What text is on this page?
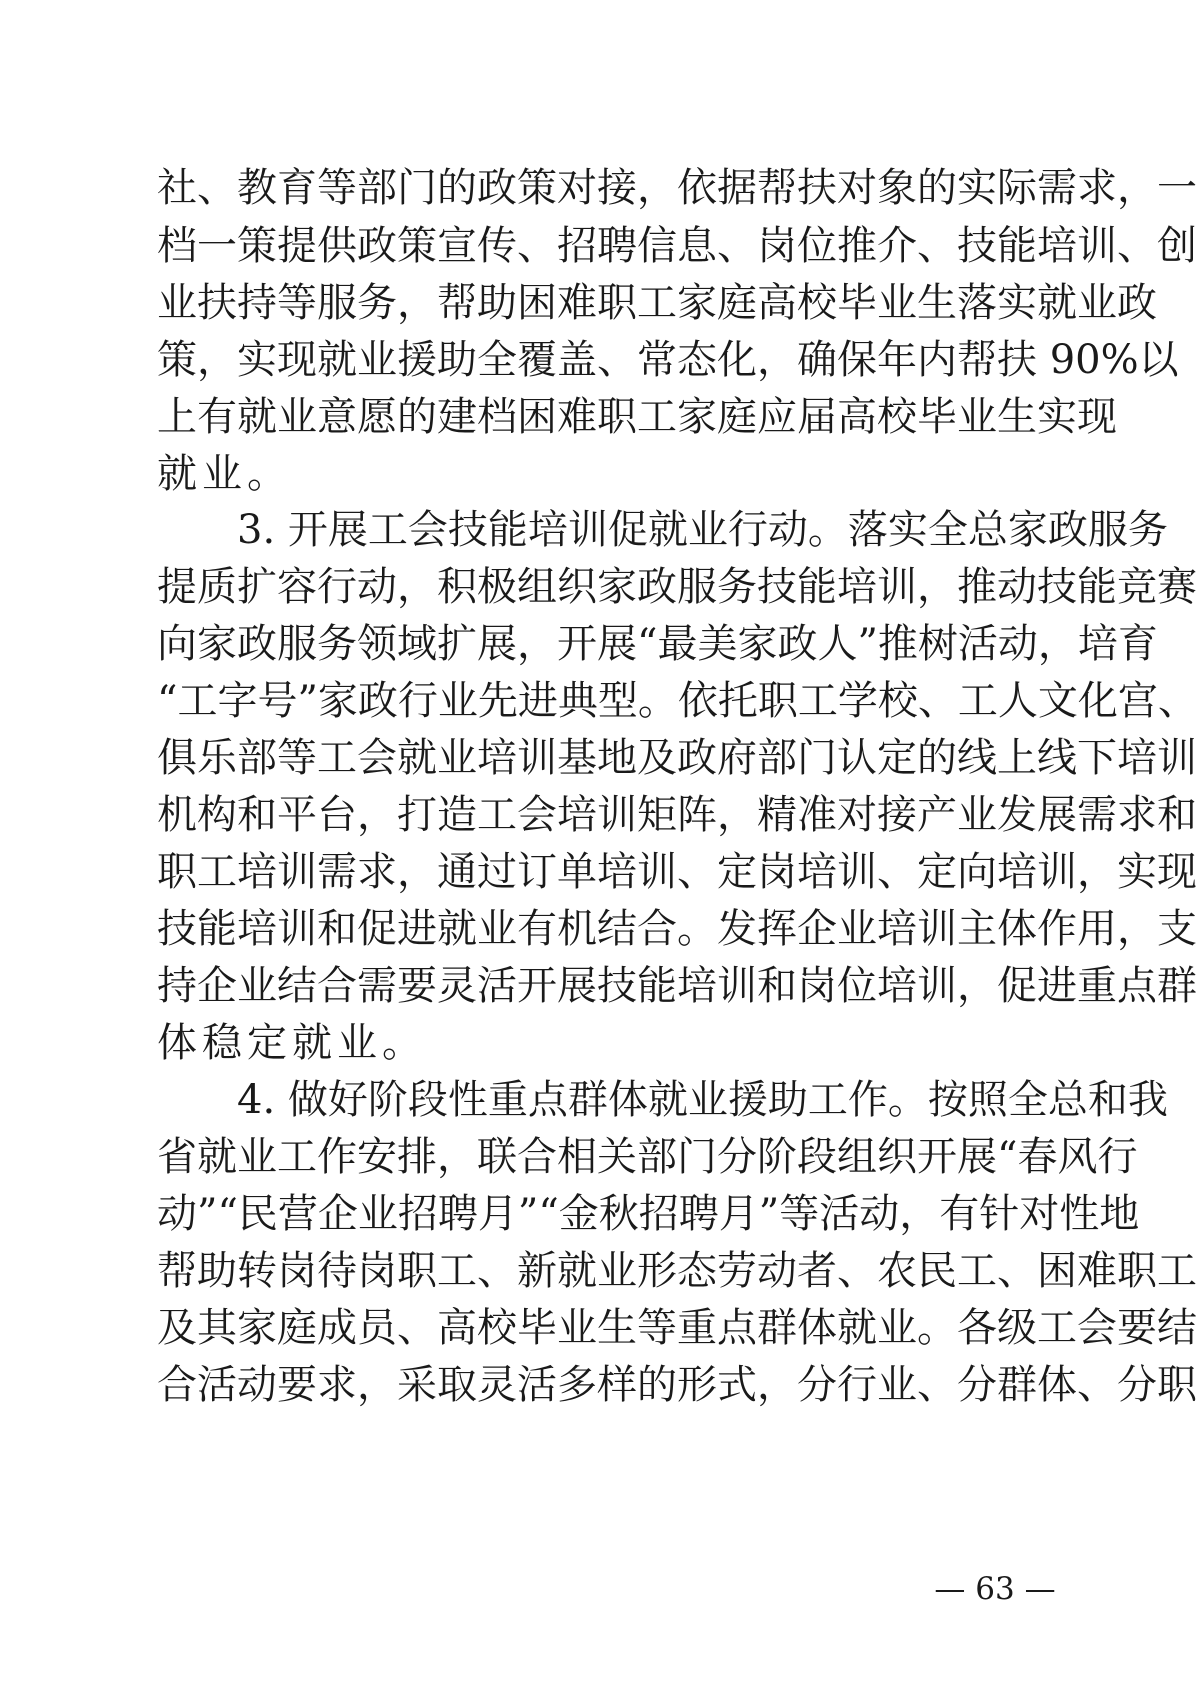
社、教育等部门的政策对接，依据帮扶对象的实际需求，一
档一策提供政策宣传、招聘信息、岗位推介、技能培训、创
业扶持等服务，帮助困难职工家庭高校毕业生落实就业政
策，实现就业援助全覆盖、常态化，确保年内帮扶 90%以
上有就业意愿的建档困难职工家庭应届高校毕业生实现
就业。
3. 开展工会技能培训促就业行动。落实全总家政服务
提质扩容行动，积极组织家政服务技能培训，推动技能竞赛
向家政服务领域扩展，开展“最美家政人”推树活动，培育
“工字号”家政行业先进典型。依托职工学校、工人文化宫、
俱乐部等工会就业培训基地及政府部门认定的线上线下培训
机构和平台，打造工会培训矩阵，精准对接产业发展需求和
职工培训需求，通过订单培训、定岗培训、定向培训，实现
技能培训和促进就业有机结合。发挥企业培训主体作用，支
持企业结合需要灵活开展技能培训和岗位培训，促进重点群
体稳定就业。
4. 做好阶段性重点群体就业援助工作。按照全总和我
省就业工作安排，联合相关部门分阶段组织开展“春风行
动”“民营企业招聘月”“金秋招聘月”等活动，有针对性地
帮助转岗待岗职工、新就业形态劳动者、农民工、困难职工
及其家庭成员、高校毕业生等重点群体就业。各级工会要结
合活动要求，采取灵活多样的形式，分行业、分群体、分职
— 63 —
